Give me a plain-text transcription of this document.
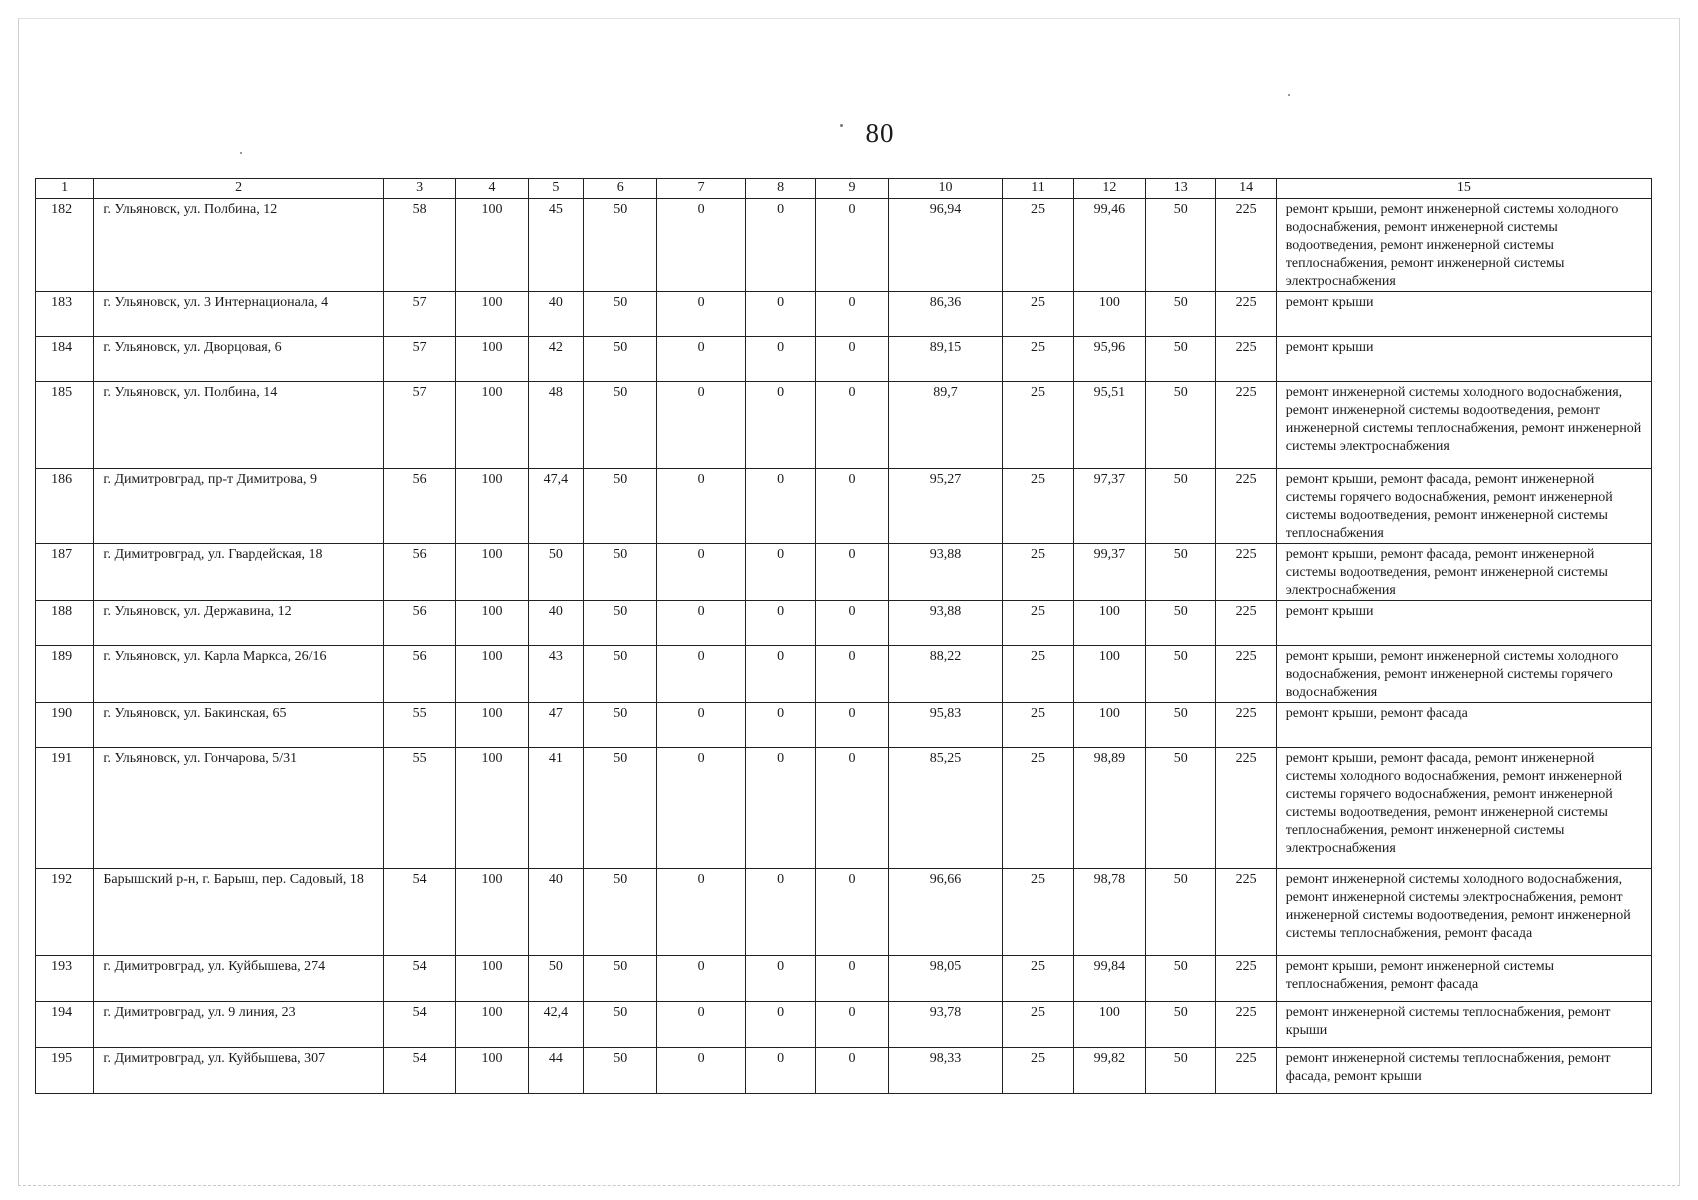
80
1	2	3	4	5	6	7	8	9	10	11	12	13	14	15
182	г. Ульяновск, ул. Полбина, 12	58	100	45	50	0	0	0	96,94	25	99,46	50	225	ремонт крыши, ремонт инженерной системы холодного водоснабжения, ремонт инженерной системы водоотведения, ремонт инженерной системы теплоснабжения, ремонт инженерной системы электроснабжения
183	г. Ульяновск, ул. 3 Интернационала, 4	57	100	40	50	0	0	0	86,36	25	100	50	225	ремонт крыши
184	г. Ульяновск, ул. Дворцовая, 6	57	100	42	50	0	0	0	89,15	25	95,96	50	225	ремонт крыши
185	г. Ульяновск, ул. Полбина, 14	57	100	48	50	0	0	0	89,7	25	95,51	50	225	ремонт инженерной системы холодного водоснабжения, ремонт инженерной системы водоотведения, ремонт инженерной системы теплоснабжения, ремонт инженерной системы электроснабжения
186	г. Димитровград, пр-т Димитрова, 9	56	100	47,4	50	0	0	0	95,27	25	97,37	50	225	ремонт крыши, ремонт фасада, ремонт инженерной системы горячего водоснабжения, ремонт инженерной системы водоотведения, ремонт инженерной системы теплоснабжения
187	г. Димитровград, ул. Гвардейская, 18	56	100	50	50	0	0	0	93,88	25	99,37	50	225	ремонт крыши, ремонт фасада, ремонт инженерной системы водоотведения, ремонт инженерной системы электроснабжения
188	г. Ульяновск, ул. Державина, 12	56	100	40	50	0	0	0	93,88	25	100	50	225	ремонт крыши
189	г. Ульяновск, ул. Карла Маркса, 26/16	56	100	43	50	0	0	0	88,22	25	100	50	225	ремонт крыши, ремонт инженерной системы холодного водоснабжения, ремонт инженерной системы горячего водоснабжения
190	г. Ульяновск, ул. Бакинская, 65	55	100	47	50	0	0	0	95,83	25	100	50	225	ремонт крыши, ремонт фасада
191	г. Ульяновск, ул. Гончарова, 5/31	55	100	41	50	0	0	0	85,25	25	98,89	50	225	ремонт крыши, ремонт фасада, ремонт инженерной системы холодного водоснабжения, ремонт инженерной системы горячего водоснабжения, ремонт инженерной системы водоотведения, ремонт инженерной системы теплоснабжения, ремонт инженерной системы электроснабжения
192	Барышский р-н, г. Барыш, пер. Садовый, 18	54	100	40	50	0	0	0	96,66	25	98,78	50	225	ремонт инженерной системы холодного водоснабжения, ремонт инженерной системы электроснабжения, ремонт инженерной системы водоотведения, ремонт инженерной системы теплоснабжения, ремонт фасада
193	г. Димитровград, ул. Куйбышева, 274	54	100	50	50	0	0	0	98,05	25	99,84	50	225	ремонт крыши, ремонт инженерной системы теплоснабжения, ремонт фасада
194	г. Димитровград, ул. 9 линия, 23	54	100	42,4	50	0	0	0	93,78	25	100	50	225	ремонт инженерной системы теплоснабжения, ремонт крыши
195	г. Димитровград, ул. Куйбышева, 307	54	100	44	50	0	0	0	98,33	25	99,82	50	225	ремонт инженерной системы теплоснабжения, ремонт фасада, ремонт крыши
